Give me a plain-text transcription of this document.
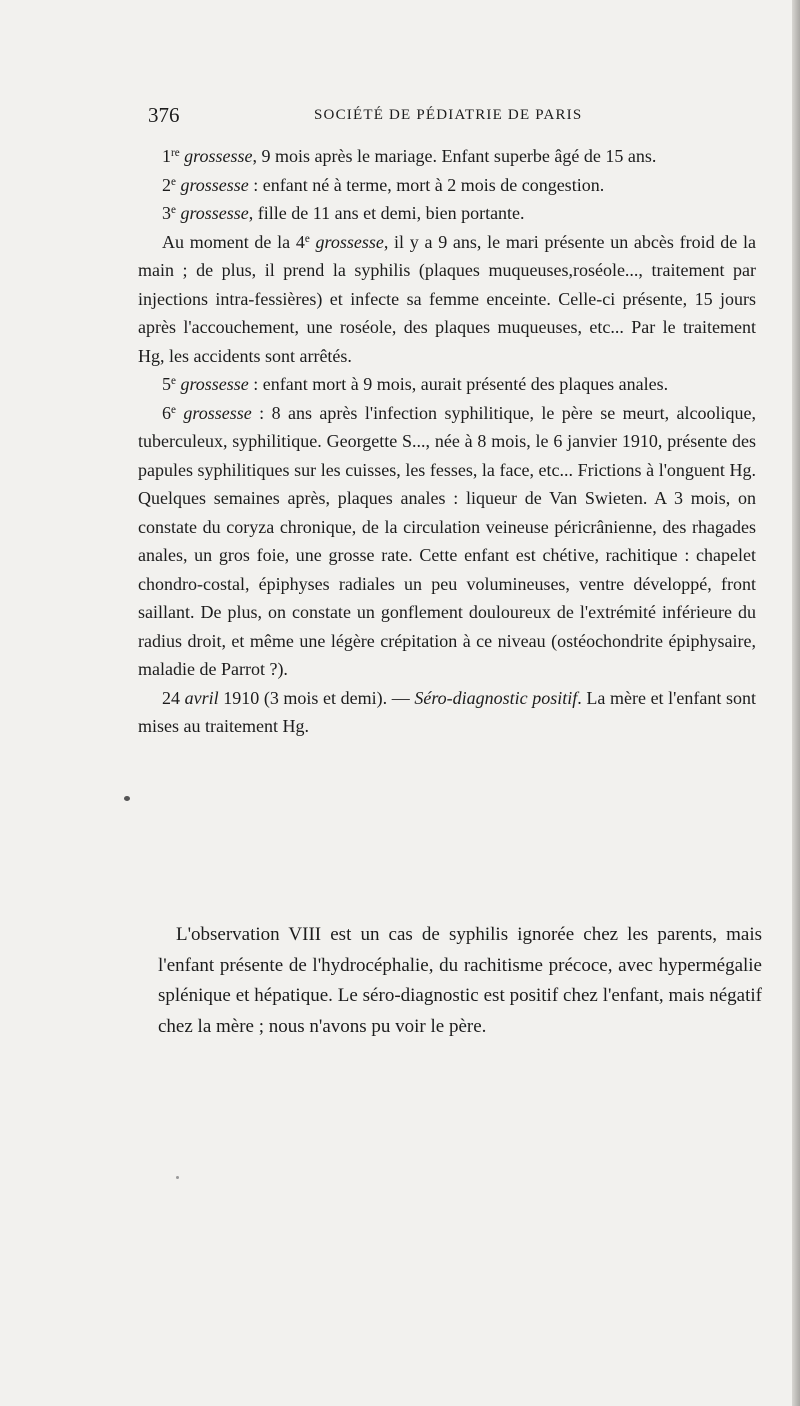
376	SOCIÉTÉ DE PÉDIATRIE DE PARIS

1re grossesse, 9 mois après le mariage. Enfant superbe âgé de 15 ans.

2e grossesse : enfant né à terme, mort à 2 mois de congestion.

3e grossesse, fille de 11 ans et demi, bien portante.

Au moment de la 4e grossesse, il y a 9 ans, le mari présente un abcès froid de la main ; de plus, il prend la syphilis (plaques muqueuses,roséole..., traitement par injections intra-fessières) et infecte sa femme enceinte. Celle-ci présente, 15 jours après l'accouchement, une roséole, des plaques muqueuses, etc... Par le traitement Hg, les accidents sont arrêtés.

5e grossesse : enfant mort à 9 mois, aurait présenté des plaques anales.

6e grossesse : 8 ans après l'infection syphilitique, le père se meurt, alcoolique, tuberculeux, syphilitique. Georgette S..., née à 8 mois, le 6 janvier 1910, présente des papules syphilitiques sur les cuisses, les fesses, la face, etc... Frictions à l'onguent Hg. Quelques semaines après, plaques anales : liqueur de Van Swieten. A 3 mois, on constate du coryza chronique, de la circulation veineuse péricrânienne, des rhagades anales, un gros foie, une grosse rate. Cette enfant est chétive, rachitique : chapelet chondro-costal, épiphyses radiales un peu volumineuses, ventre développé, front saillant. De plus, on constate un gonflement douloureux de l'extrémité inférieure du radius droit, et même une légère crépitation à ce niveau (ostéochondrite épiphysaire, maladie de Parrot ?).

24 avril 1910 (3 mois et demi). — Séro-diagnostic positif. La mère et l'enfant sont mises au traitement Hg.

L'observation VIII est un cas de syphilis ignorée chez les parents, mais l'enfant présente de l'hydrocéphalie, du rachitisme précoce, avec hypermégalie splénique et hépatique. Le séro-diagnostic est positif chez l'enfant, mais négatif chez la mère ; nous n'avons pu voir le père.
